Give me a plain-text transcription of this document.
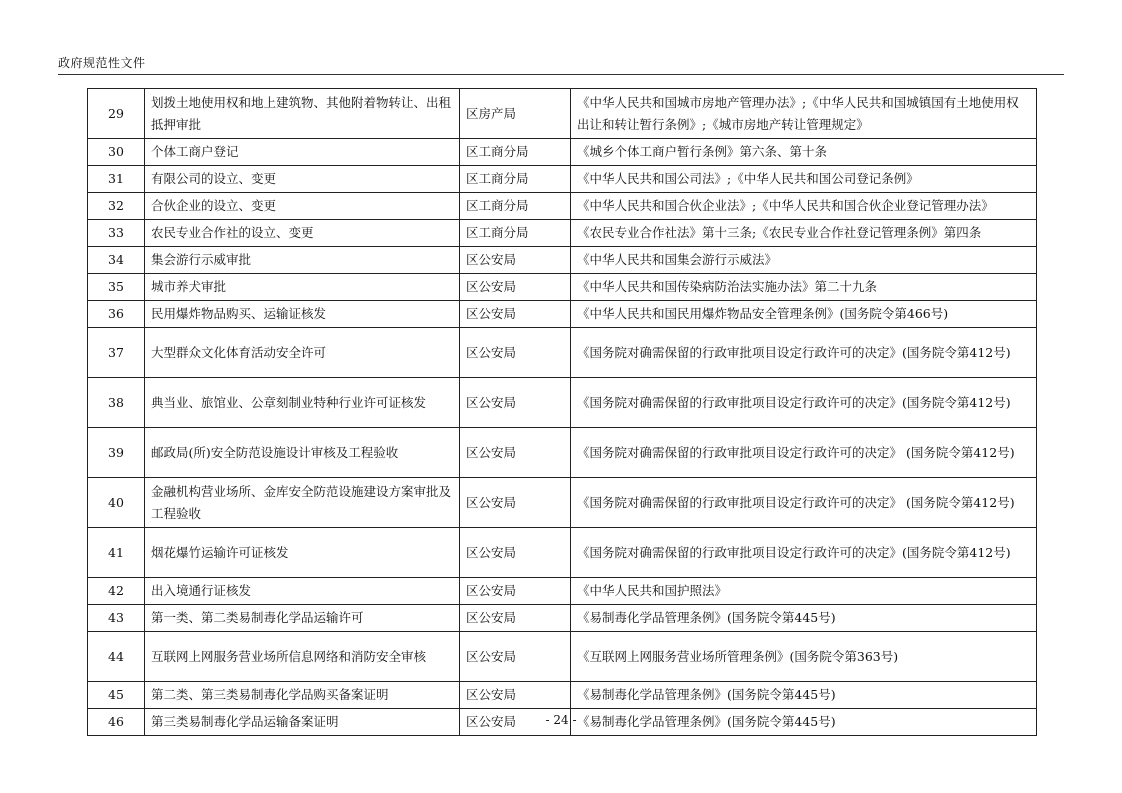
政府规范性文件
29	划拨土地使用权和地上建筑物、其他附着物转让、出租抵押审批	区房产局	《中华人民共和国城市房地产管理办法》;《中华人民共和国城镇国有土地使用权出让和转让暂行条例》;《城市房地产转让管理规定》
30	个体工商户登记	区工商分局	《城乡个体工商户暂行条例》第六条、第十条
31	有限公司的设立、变更	区工商分局	《中华人民共和国公司法》;《中华人民共和国公司登记条例》
32	合伙企业的设立、变更	区工商分局	《中华人民共和国合伙企业法》;《中华人民共和国合伙企业登记管理办法》
33	农民专业合作社的设立、变更	区工商分局	《农民专业合作社法》第十三条;《农民专业合作社登记管理条例》第四条
34	集会游行示威审批	区公安局	《中华人民共和国集会游行示威法》
35	城市养犬审批	区公安局	《中华人民共和国传染病防治法实施办法》第二十九条
36	民用爆炸物品购买、运输证核发	区公安局	《中华人民共和国民用爆炸物品安全管理条例》(国务院令第466号)
37	大型群众文化体育活动安全许可	区公安局	《国务院对确需保留的行政审批项目设定行政许可的决定》(国务院令第412号)
38	典当业、旅馆业、公章刻制业特种行业许可证核发	区公安局	《国务院对确需保留的行政审批项目设定行政许可的决定》(国务院令第412号)
39	邮政局(所)安全防范设施设计审核及工程验收	区公安局	《国务院对确需保留的行政审批项目设定行政许可的决定》 (国务院令第412号)
40	金融机构营业场所、金库安全防范设施建设方案审批及工程验收	区公安局	《国务院对确需保留的行政审批项目设定行政许可的决定》 (国务院令第412号)
41	烟花爆竹运输许可证核发	区公安局	《国务院对确需保留的行政审批项目设定行政许可的决定》(国务院令第412号)
42	出入境通行证核发	区公安局	《中华人民共和国护照法》
43	第一类、第二类易制毒化学品运输许可	区公安局	《易制毒化学品管理条例》(国务院令第445号)
44	互联网上网服务营业场所信息网络和消防安全审核	区公安局	《互联网上网服务营业场所管理条例》(国务院令第363号)
45	第二类、第三类易制毒化学品购买备案证明	区公安局	《易制毒化学品管理条例》(国务院令第445号)
46	第三类易制毒化学品运输备案证明	区公安局	《易制毒化学品管理条例》(国务院令第445号)
- 24 -
